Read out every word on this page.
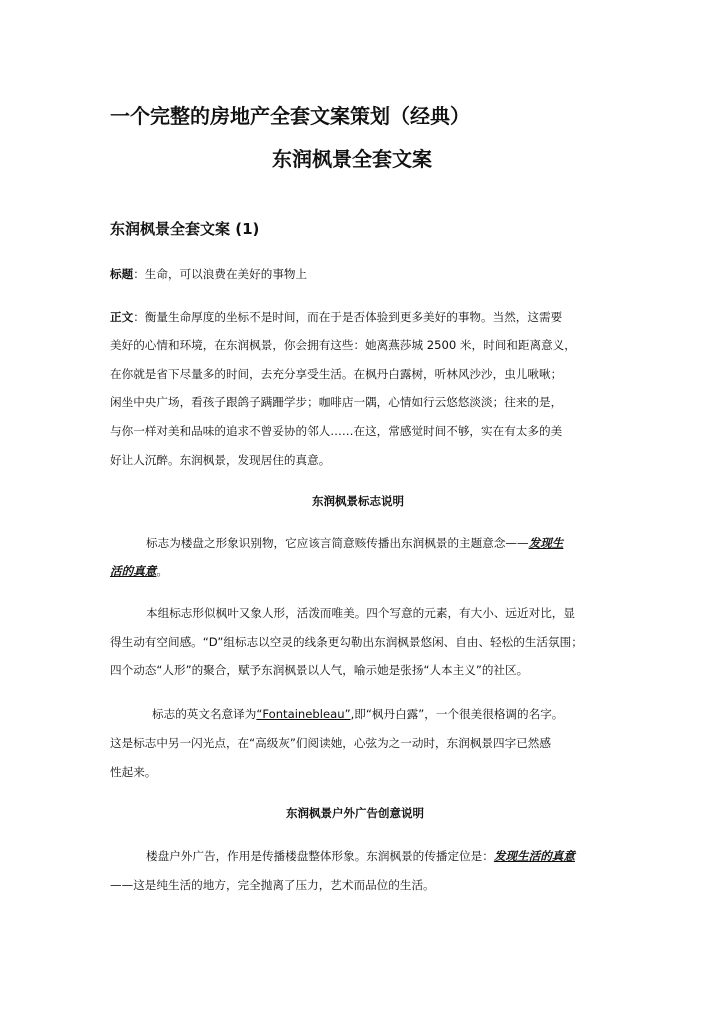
一个完整的房地产全套文案策划（经典）
东润枫景全套文案
东润枫景全套文案 (1)
标题：生命，可以浪费在美好的事物上
正文：衡量生命厚度的坐标不是时间，而在于是否体验到更多美好的事物。当然，这需要
美好的心情和环境，在东润枫景，你会拥有这些：她离燕莎城 2500 米，时间和距离意义，
在你就是省下尽量多的时间，去充分享受生活。在枫丹白露树，听林风沙沙，虫儿啾啾；
闲坐中央广场，看孩子跟鸽子蹒跚学步；咖啡店一隅，心情如行云悠悠淡淡；往来的是，
与你一样对美和品味的追求不曾妥协的邻人……在这，常感觉时间不够，实在有太多的美
好让人沉醉。东润枫景，发现居住的真意。
东润枫景标志说明
标志为楼盘之形象识别物，它应该言简意赅传播出东润枫景的主题意念——发现生
活的真意。
本组标志形似枫叶又象人形，活泼而唯美。四个写意的元素，有大小、远近对比，显
得生动有空间感。“D”组标志以空灵的线条更勾勒出东润枫景悠闲、自由、轻松的生活氛围；
四个动态“人形”的聚合，赋予东润枫景以人气，喻示她是张扬“人本主义”的社区。
标志的英文名意译为“Fontainebleau”,即“枫丹白露”，一个很美很格调的名字。
这是标志中另一闪光点，在“高级灰”们阅读她，心弦为之一动时，东润枫景四字已然感
性起来。
东润枫景户外广告创意说明
楼盘户外广告，作用是传播楼盘整体形象。东润枫景的传播定位是：发现生活的真意
——这是纯生活的地方，完全抛离了压力，艺术而品位的生活。
